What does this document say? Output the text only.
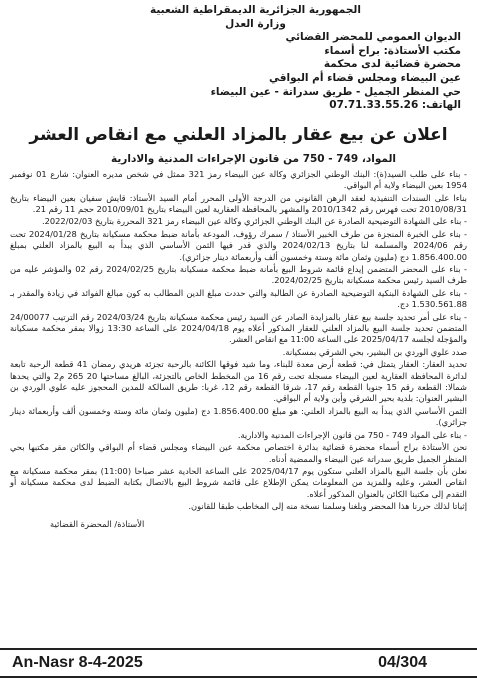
الجمهورية الجزائرية الديمقراطية الشعبية
وزارة العدل
الديوان العمومي للمحضر القضائي
مكتب الأستاذة: براح أسماء
محضرة قضائية لدى محكمة
عين البيضاء ومجلس قضاء أم البواقي
حي المنظر الجميل - طريق سدراتة - عين البيضاء
الهاتف: 07.71.33.55.26
اعلان عن بيع عقار بالمزاد العلني مع انقاص العشر
المواد، 749 - 750 من قانون الإجراءات المدنية والادارية

- بناء على طلب السيد(ة): البنك الوطني الجزائري وكالة عين البيضاء رمز 321 ممثل في شخص مديره العنوان: شارع 01 نوفمبر 1954 بعين البيضاء ولاية أم البواقي.

بناءا على السندات التنفيذية لعقد الرهن القانوني من الدرجة الأولى المحرر أمام السيد الأستاذ: قايش سفيان بعين البيضاء بتاريخ 2010/08/31 تحت فهرس رقم 2010/1342 والمشهر بالمحافظة العقارية لعين البيضاء بتاريخ 2010/09/01 حجم 11 رقم 21.

- بناء على الشهادة التوضيحية الصادرة عن البنك الوطني الجزائري وكالة عين البيضاء رمز 321 المحررة بتاريخ 2022/02/03.

- بناء على الخبرة المنجزة من طرف الخبير الأستاذ / سمرك رؤوف، المودعة بأمانة ضبط محكمة مسكيانة بتاريخ 2024/01/28 تحت رقم 2024/06 والمسلمة لنا بتاريخ 2024/02/13 والذي قدر فيها الثمن الأساسي الذي يبدأ به البيع بالمزاد العلني بمبلغ 1.856.400.00 دج (مليون وثمان مائة وستة وخمسون ألف وأربعمائة دينار جزائري).

- بناء على المحضر المتضمن إيداع قائمة شروط البيع بأمانة ضبط محكمة مسكيانة بتاريخ 2024/02/25 رقم 02 والمؤشر عليه من طرف السيد رئيس محكمة مسكيانة بتاريخ 2024/02/25.

- بناء على الشهادة البنكية التوضيحية الصادرة عن الطالبة والتي حددت مبلغ الدين المطالب به كون مبالغ الفوائد في زيادة والمقدر بـ 1.530.561.88 دج.

- بناء على أمر تحديد جلسة بيع عقار بالمزايدة الصادر عن السيد رئيس محكمة مسكيانة بتاريخ 2024/03/24 رقم الترتيب 24/00077 المتضمن تحديد جلسة البيع بالمزاد العلني للعقار المذكور أعلاه يوم 2024/04/18 على الساعة 13:30 زوالا بمقر محكمة مسكيانة والمؤجلة لجلسة 2025/04/17 على الساعة 11:00 مع انقاص العشر.

صدد علوي الوردي بن البشير، بحي الشرقي بمسكيانة.

تحديد العقار: العقار يتمثل في: قطعة أرض معدة للبناء، وما شيد فوقها الكائنة بالرحبة تجزئة هريدي رمضان 41 قطعة الرحبة تابعة لدائرة المحافظة العقارية لعين البيضاء مسجلة تحت رقم 16 من المخطط الخاص بالتجزئة، البالغ مساحتها 20 265 م2 والتي يحدها شمالا: القطعة رقم 15 جنوبا القطعة رقم 17، شرقا القطعة رقم 12، غربا: طريق السالكة للمدين المحجوز عليه علوي الوردي بن البشير العنوان: بلدية بحير الشرقي وأين ولاية أم البواقي.

الثمن الأساسي الذي يبدأ به البيع بالمزاد العلني: هو مبلغ 1.856.400.00 دج (مليون وثمان مائة وستة وخمسون ألف وأربعمائة دينار جزائري).

- بناء على المواد 749 - 750 من قانون الإجراءات المدنية والادارية.

نحن الأستاذة براح أسماء محضرة قضائية بدائرة اختصاص محكمة عين البيضاء ومجلس قضاء أم البواقي والكائن مقر مكتبها بحي المنظر الجميل طريق سدراتة عين البيضاء والممضية أدناه.

نعلن بأن جلسة البيع بالمزاد العلني ستكون يوم 2025/04/17 على الساعة الحادية عشر صباحا (11:00) بمقر محكمة مسكيانة مع انقاص العشر، وعليه وللمزيد من المعلومات يمكن الإطلاع على قائمة شروط البيع بالاتصال بكتابة الضبط لدى محكمة مسكيانة أو التقدم إلى مكتبنا الكائن بالعنوان المذكور أعلاه.

إثباتا لذلك حررنا هذا المحضر وبلغنا وسلمنا نسخة منه إلى المخاطب طبقا للقانون.

الأستاذة/ المحضرة القضائية
An-Nasr 8-4-2025	04/304
